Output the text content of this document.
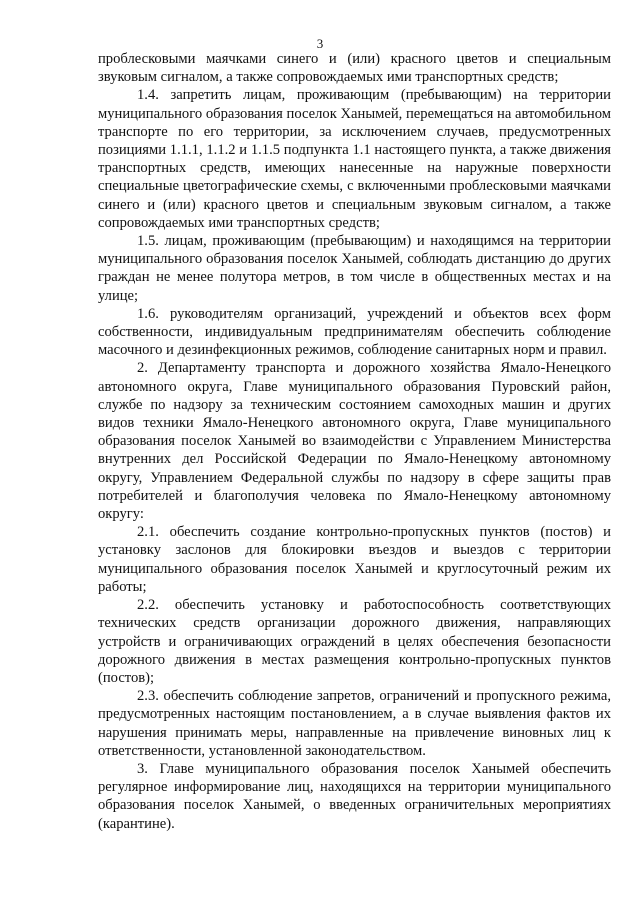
3

проблесковыми маячками синего и (или) красного цветов и специальным звуковым сигналом, а также сопровождаемых ими транспортных средств;

1.4. запретить лицам, проживающим (пребывающим) на территории муниципального образования поселок Ханымей, перемещаться на автомобильном транспорте по его территории, за исключением случаев, предусмотренных позициями 1.1.1, 1.1.2 и 1.1.5 подпункта 1.1 настоящего пункта, а также движения транспортных средств, имеющих нанесенные на наружные поверхности специальные цветографические схемы, с включенными проблесковыми маячками синего и (или) красного цветов и специальным звуковым сигналом, а также сопровождаемых ими транспортных средств;

1.5. лицам, проживающим (пребывающим) и находящимся на территории муниципального образования поселок Ханымей, соблюдать дистанцию до других граждан не менее полутора метров, в том числе в общественных местах и на улице;

1.6. руководителям организаций, учреждений и объектов всех форм собственности, индивидуальным предпринимателям обеспечить соблюдение масочного и дезинфекционных режимов, соблюдение санитарных норм и правил.

2. Департаменту транспорта и дорожного хозяйства Ямало-Ненецкого автономного округа, Главе муниципального образования Пуровский район, службе по надзору за техническим состоянием самоходных машин и других видов техники Ямало-Ненецкого автономного округа, Главе муниципального образования поселок Ханымей во взаимодействи с Управлением Министерства внутренних дел Российской Федерации по Ямало-Ненецкому автономному округу, Управлением Федеральной службы по надзору в сфере защиты прав потребителей и благополучия человека по Ямало-Ненецкому автономному округу:

2.1. обеспечить создание контрольно-пропускных пунктов (постов) и установку заслонов для блокировки въездов и выездов с территории муниципального образования поселок Ханымей и круглосуточный режим их работы;

2.2. обеспечить установку и работоспособность соответствующих технических средств организации дорожного движения, направляющих устройств и ограничивающих ограждений в целях обеспечения безопасности дорожного движения в местах размещения контрольно-пропускных пунктов (постов);

2.3. обеспечить соблюдение запретов, ограничений и пропускного режима, предусмотренных настоящим постановлением, а в случае выявления фактов их нарушения принимать меры, направленные на привлечение виновных лиц к ответственности, установленной законодательством.

3. Главе муниципального образования поселок Ханымей обеспечить регулярное информирование лиц, находящихся на территории муниципального образования поселок Ханымей, о введенных ограничительных мероприятиях (карантине).
